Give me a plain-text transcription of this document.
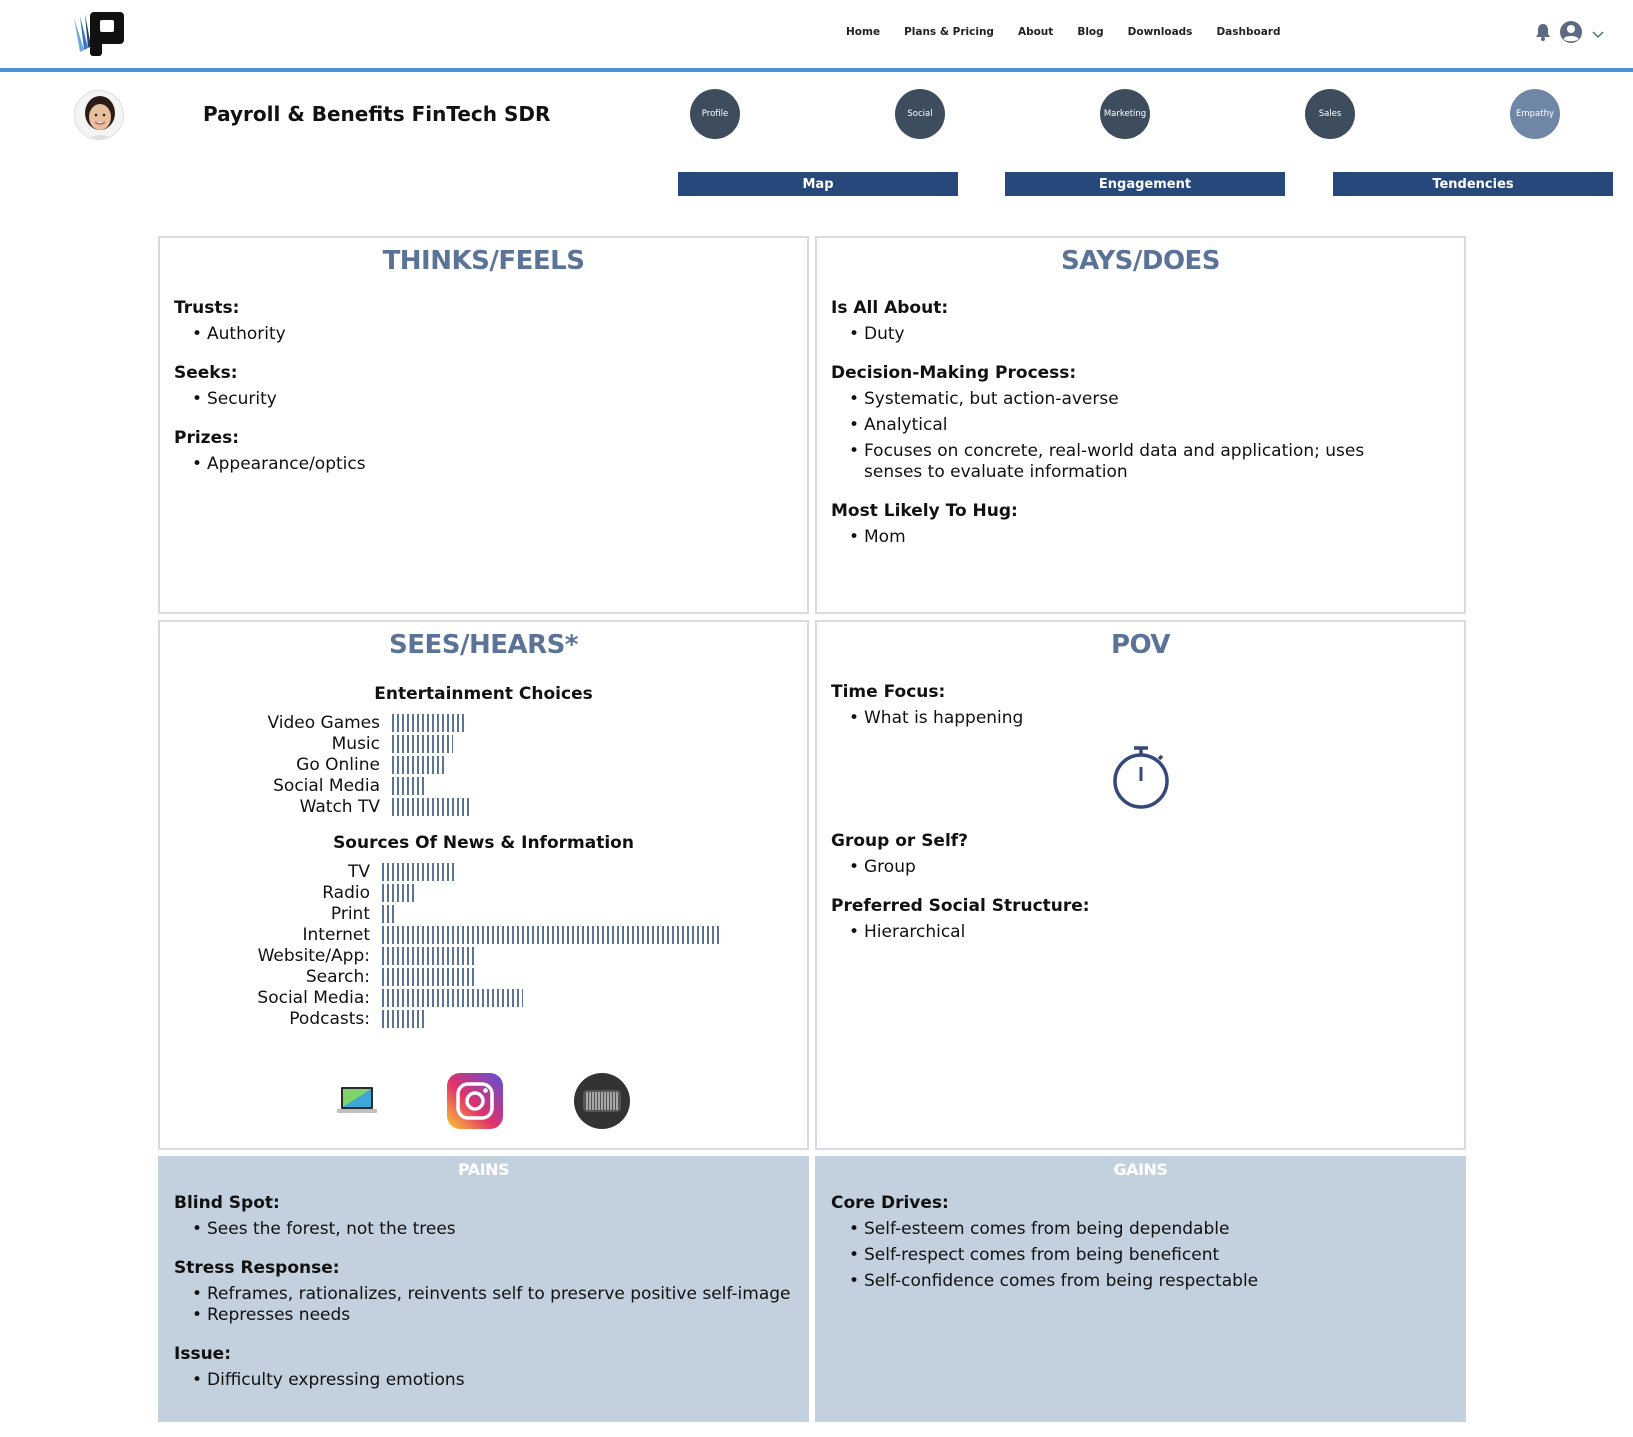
Home Plans & Pricing About Blog Downloads Dashboard
Payroll & Benefits FinTech SDR	Profile	Social	Marketing	Sales	Empathy
Map	Engagement	Tendencies
THINKS/FEELS
Trusts:
• Authority
Seeks:
• Security
Prizes:
• Appearance/optics
SAYS/DOES
Is All About:
• Duty
Decision-Making Process:
• Systematic, but action-averse
• Analytical
• Focuses on concrete, real-world data and application; uses senses to evaluate information
Most Likely To Hug:
• Mom
SEES/HEARS*
Entertainment Choices
Video Games
Music
Go Online
Social Media
Watch TV
Sources Of News & Information
TV
Radio
Print
Internet
Website/App:
Search:
Social Media:
Podcasts:
POV
Time Focus:
• What is happening
Group or Self?
• Group
Preferred Social Structure:
• Hierarchical
PAINS
Blind Spot:
• Sees the forest, not the trees
Stress Response:
• Reframes, rationalizes, reinvents self to preserve positive self-image
• Represses needs
Issue:
• Difficulty expressing emotions
GAINS
Core Drives:
• Self-esteem comes from being dependable
• Self-respect comes from being beneficent
• Self-confidence comes from being respectable
